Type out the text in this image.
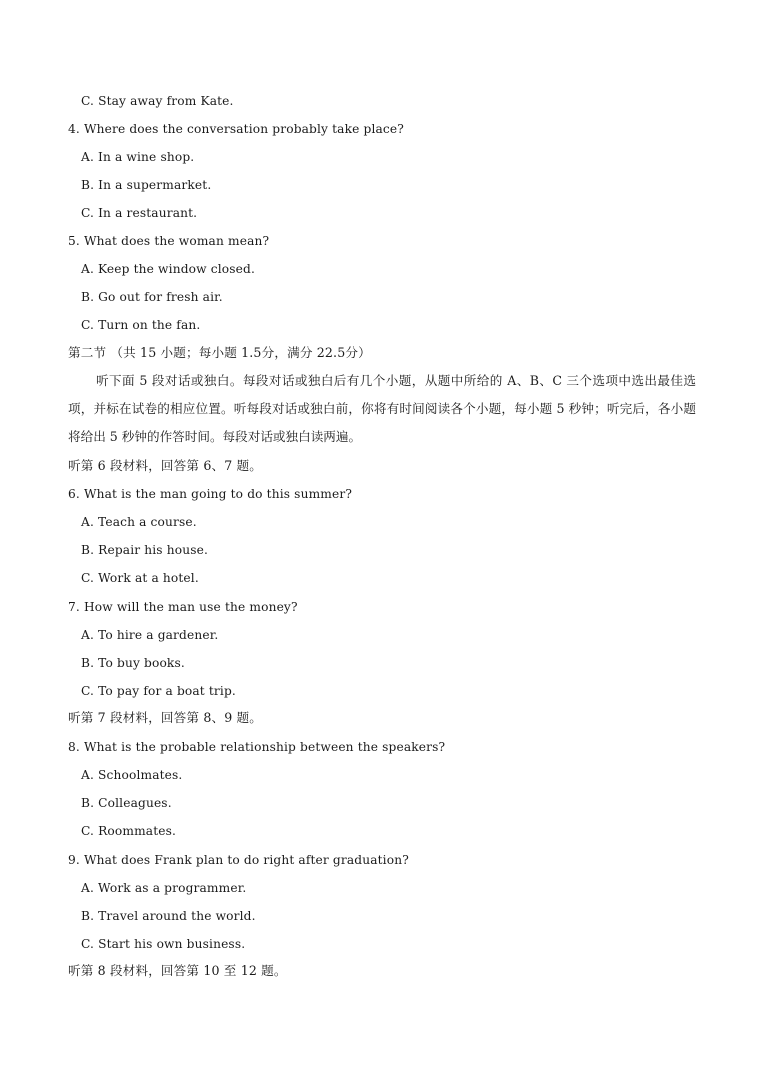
C. Stay away from Kate.
4. Where does the conversation probably take place?
A. In a wine shop.
B. In a supermarket.
C. In a restaurant.
5. What does the woman mean?
A. Keep the window closed.
B. Go out for fresh air.
C. Turn on the fan.
第二节 （共 15 小题；每小题 1.5分，满分 22.5分）
听下面 5 段对话或独白。每段对话或独白后有几个小题，从题中所给的 A、B、C 三个选项中选出最佳选项，并标在试卷的相应位置。听每段对话或独白前，你将有时间阅读各个小题，每小题 5 秒钟；听完后，各小题将给出 5 秒钟的作答时间。每段对话或独白读两遍。
听第 6 段材料，回答第 6、7 题。
6. What is the man going to do this summer?
A. Teach a course.
B. Repair his house.
C. Work at a hotel.
7. How will the man use the money?
A. To hire a gardener.
B. To buy books.
C. To pay for a boat trip.
听第 7 段材料，回答第 8、9 题。
8. What is the probable relationship between the speakers?
A. Schoolmates.
B. Colleagues.
C. Roommates.
9. What does Frank plan to do right after graduation?
A. Work as a programmer.
B. Travel around the world.
C. Start his own business.
听第 8 段材料，回答第 10 至 12 题。
